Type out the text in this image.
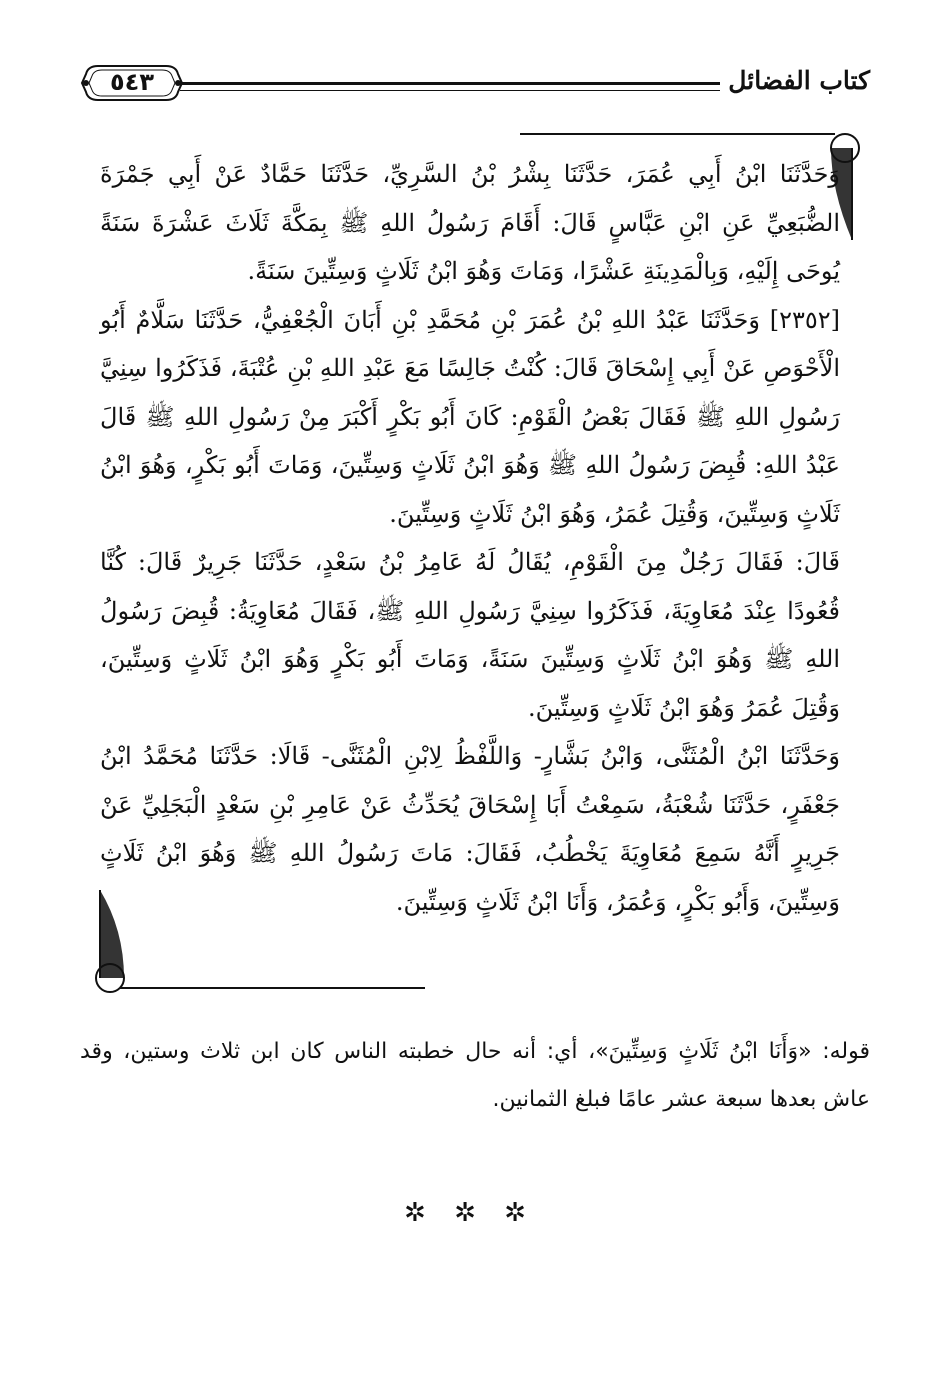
كتاب الفضائل
٥٤٣

وَحَدَّثَنَا ابْنُ أَبِي عُمَرَ، حَدَّثَنَا بِشْرُ بْنُ السَّرِيِّ، حَدَّثَنَا حَمَّادٌ عَنْ أَبِي جَمْرَةَ الضُّبَعِيِّ عَنِ ابْنِ عَبَّاسٍ قَالَ: أَقَامَ رَسُولُ اللهِ ﷺ بِمَكَّةَ ثَلَاثَ عَشْرَةَ سَنَةً يُوحَى إِلَيْهِ، وَبِالْمَدِينَةِ عَشْرًا، وَمَاتَ وَهُوَ ابْنُ ثَلَاثٍ وَسِتِّينَ سَنَةً.

[٢٣٥٢] وَحَدَّثَنَا عَبْدُ اللهِ بْنُ عُمَرَ بْنِ مُحَمَّدِ بْنِ أَبَانَ الْجُعْفِيُّ، حَدَّثَنَا سَلَّامٌ أَبُو الْأَحْوَصِ عَنْ أَبِي إِسْحَاقَ قَالَ: كُنْتُ جَالِسًا مَعَ عَبْدِ اللهِ بْنِ عُتْبَةَ، فَذَكَرُوا سِنِيَّ رَسُولِ اللهِ ﷺ فَقَالَ بَعْضُ الْقَوْمِ: كَانَ أَبُو بَكْرٍ أَكْبَرَ مِنْ رَسُولِ اللهِ ﷺ قَالَ عَبْدُ اللهِ: قُبِضَ رَسُولُ اللهِ ﷺ وَهُوَ ابْنُ ثَلَاثٍ وَسِتِّينَ، وَمَاتَ أَبُو بَكْرٍ، وَهُوَ ابْنُ ثَلَاثٍ وَسِتِّينَ، وَقُتِلَ عُمَرُ، وَهُوَ ابْنُ ثَلَاثٍ وَسِتِّينَ.

قَالَ: فَقَالَ رَجُلٌ مِنَ الْقَوْمِ، يُقَالُ لَهُ عَامِرُ بْنُ سَعْدٍ، حَدَّثَنَا جَرِيرٌ قَالَ: كُنَّا قُعُودًا عِنْدَ مُعَاوِيَةَ، فَذَكَرُوا سِنِيَّ رَسُولِ اللهِ ﷺ، فَقَالَ مُعَاوِيَةُ: قُبِضَ رَسُولُ اللهِ ﷺ وَهُوَ ابْنُ ثَلَاثٍ وَسِتِّينَ سَنَةً، وَمَاتَ أَبُو بَكْرٍ وَهُوَ ابْنُ ثَلَاثٍ وَسِتِّينَ، وَقُتِلَ عُمَرُ وَهُوَ ابْنُ ثَلَاثٍ وَسِتِّينَ.

وَحَدَّثَنَا ابْنُ الْمُثَنَّى، وَابْنُ بَشَّارٍ- وَاللَّفْظُ لِابْنِ الْمُثَنَّى- قَالَا: حَدَّثَنَا مُحَمَّدُ ابْنُ جَعْفَرٍ، حَدَّثَنَا شُعْبَةُ، سَمِعْتُ أَبَا إِسْحَاقَ يُحَدِّثُ عَنْ عَامِرِ بْنِ سَعْدٍ الْبَجَلِيِّ عَنْ جَرِيرٍ أَنَّهُ سَمِعَ مُعَاوِيَةَ يَخْطُبُ، فَقَالَ: مَاتَ رَسُولُ اللهِ ﷺ وَهُوَ ابْنُ ثَلَاثٍ وَسِتِّينَ، وَأَبُو بَكْرٍ، وَعُمَرُ، وَأَنَا ابْنُ ثَلَاثٍ وَسِتِّينَ.

قوله: «وَأَنَا ابْنُ ثَلَاثٍ وَسِتِّينَ»، أي: أنه حال خطبته الناس كان ابن ثلاث وستين، وقد عاش بعدها سبعة عشر عامًا فبلغ الثمانين.

✲ ✲ ✲
